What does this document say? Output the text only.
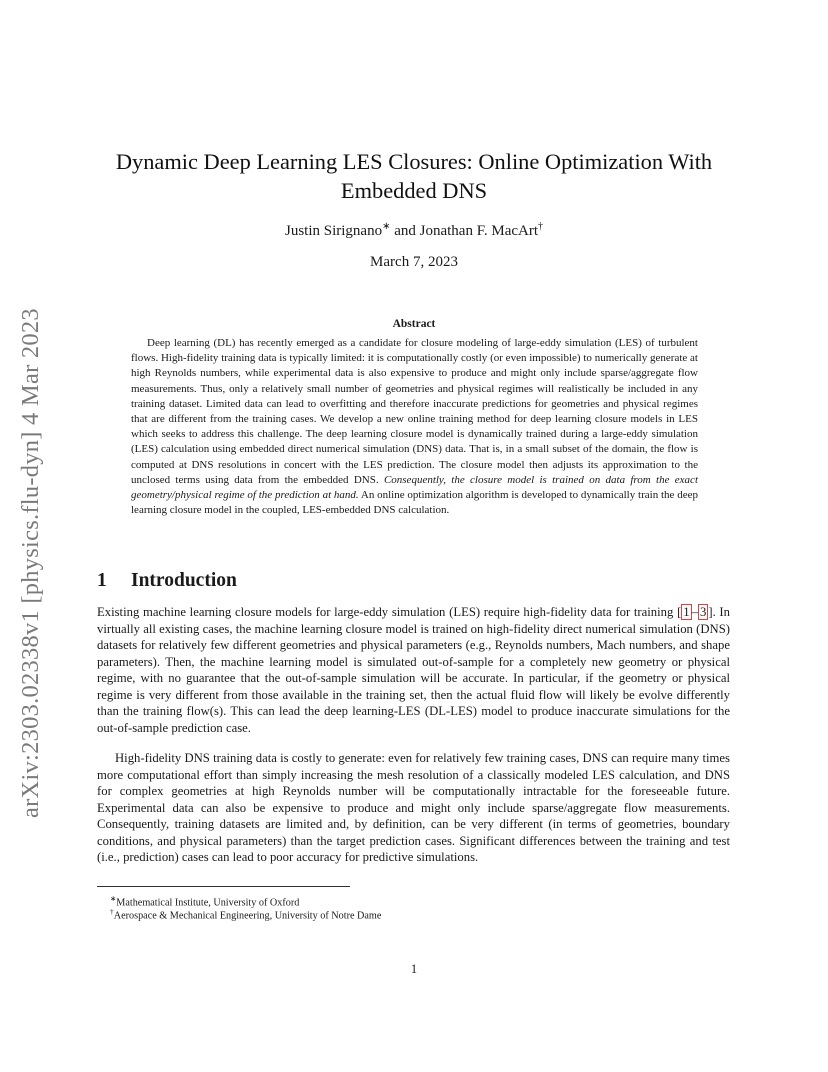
arXiv:2303.02338v1 [physics.flu-dyn] 4 Mar 2023
Dynamic Deep Learning LES Closures: Online Optimization With Embedded DNS
Justin Sirignano∗ and Jonathan F. MacArt†
March 7, 2023
Abstract

Deep learning (DL) has recently emerged as a candidate for closure modeling of large-eddy simulation (LES) of turbulent flows. High-fidelity training data is typically limited: it is computationally costly (or even impossible) to numerically generate at high Reynolds numbers, while experimental data is also expensive to produce and might only include sparse/aggregate flow measurements. Thus, only a relatively small number of geometries and physical regimes will realistically be included in any training dataset. Limited data can lead to overfitting and therefore inaccurate predictions for geometries and physical regimes that are different from the training cases. We develop a new online training method for deep learning closure models in LES which seeks to address this challenge. The deep learning closure model is dynamically trained during a large-eddy simulation (LES) calculation using embedded direct numerical simulation (DNS) data. That is, in a small subset of the domain, the flow is computed at DNS resolutions in concert with the LES prediction. The closure model then adjusts its approximation to the unclosed terms using data from the embedded DNS. Consequently, the closure model is trained on data from the exact geometry/physical regime of the prediction at hand. An online optimization algorithm is developed to dynamically train the deep learning closure model in the coupled, LES-embedded DNS calculation.

1 Introduction

Existing machine learning closure models for large-eddy simulation (LES) require high-fidelity data for training [ 1 – 3 ]. In virtually all existing cases, the machine learning closure model is trained on high-fidelity direct numerical simulation (DNS) datasets for relatively few different geometries and physical parameters (e.g., Reynolds numbers, Mach numbers, and shape parameters). Then, the machine learning model is simulated out-of-sample for a completely new geometry or physical regime, with no guarantee that the out-of-sample simulation will be accurate. In particular, if the geometry or physical regime is very different from those available in the training set, then the actual fluid flow will likely be evolve differently than the training flow(s). This can lead the deep learning-LES (DL-LES) model to produce inaccurate simulations for the out-of-sample prediction case.

High-fidelity DNS training data is costly to generate: even for relatively few training cases, DNS can require many times more computational effort than simply increasing the mesh resolution of a classically modeled LES calculation, and DNS for complex geometries at high Reynolds number will be computationally intractable for the foreseeable future. Experimental data can also be expensive to produce and might only include sparse/aggregate flow measurements. Consequently, training datasets are limited and, by definition, can be very different (in terms of geometries, boundary conditions, and physical parameters) than the target prediction cases. Significant differences between the training and test (i.e., prediction) cases can lead to poor accuracy for predictive simulations.

∗Mathematical Institute, University of Oxford
†Aerospace & Mechanical Engineering, University of Notre Dame
1
